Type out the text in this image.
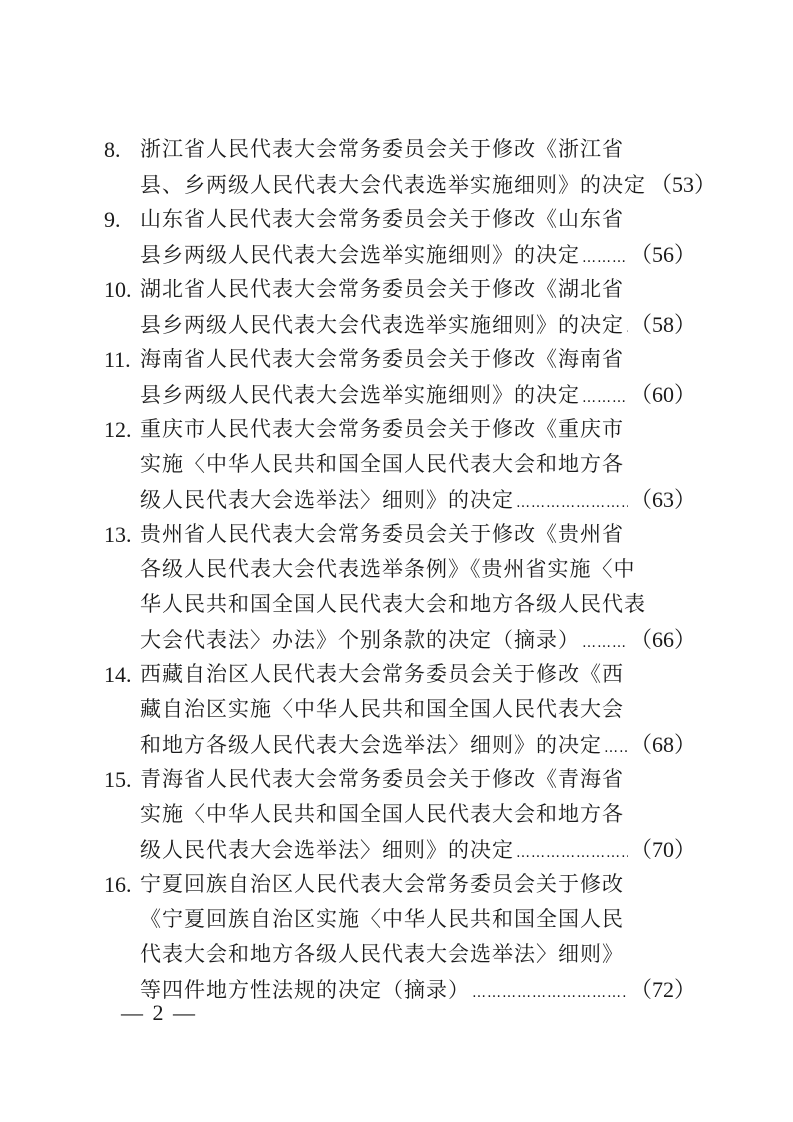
8. 浙江省人民代表大会常务委员会关于修改《浙江省
县、乡两级人民代表大会代表选举实施细则》的决定 （53）
9. 山东省人民代表大会常务委员会关于修改《山东省
县乡两级人民代表大会选举实施细则》的决定 ………………………………………………………………………………………………………………………… （56）
10. 湖北省人民代表大会常务委员会关于修改《湖北省
县乡两级人民代表大会代表选举实施细则》的决定 ………………………………………………………………………………………………………………………… （58）
11. 海南省人民代表大会常务委员会关于修改《海南省
县乡两级人民代表大会选举实施细则》的决定 ………………………………………………………………………………………………………………………… （60）
12. 重庆市人民代表大会常务委员会关于修改《重庆市
实施〈中华人民共和国全国人民代表大会和地方各
级人民代表大会选举法〉细则》的决定 …………………………………………………………………………………………………………………………	（63）
13. 贵州省人民代表大会常务委员会关于修改《贵州省
各级人民代表大会代表选举条例》《贵州省实施〈中
华人民共和国全国人民代表大会和地方各级人民代表
大会代表法〉办法》个别条款的决定（摘录） ………………………………………………………………………………………………………………………… （66）
14. 西藏自治区人民代表大会常务委员会关于修改《西
藏自治区实施〈中华人民共和国全国人民代表大会
和地方各级人民代表大会选举法〉细则》的决定 ………………………………………………………………………………………………………………………… （68）
15. 青海省人民代表大会常务委员会关于修改《青海省
实施〈中华人民共和国全国人民代表大会和地方各
级人民代表大会选举法〉细则》的决定 …………………………………………………………………………………………………………………………	（70）
16. 宁夏回族自治区人民代表大会常务委员会关于修改
《宁夏回族自治区实施〈中华人民共和国全国人民
代表大会和地方各级人民代表大会选举法〉细则》
等四件地方性法规的决定（摘录） …………………………………………………………………………………………………………………………	（72）
— 2 —
